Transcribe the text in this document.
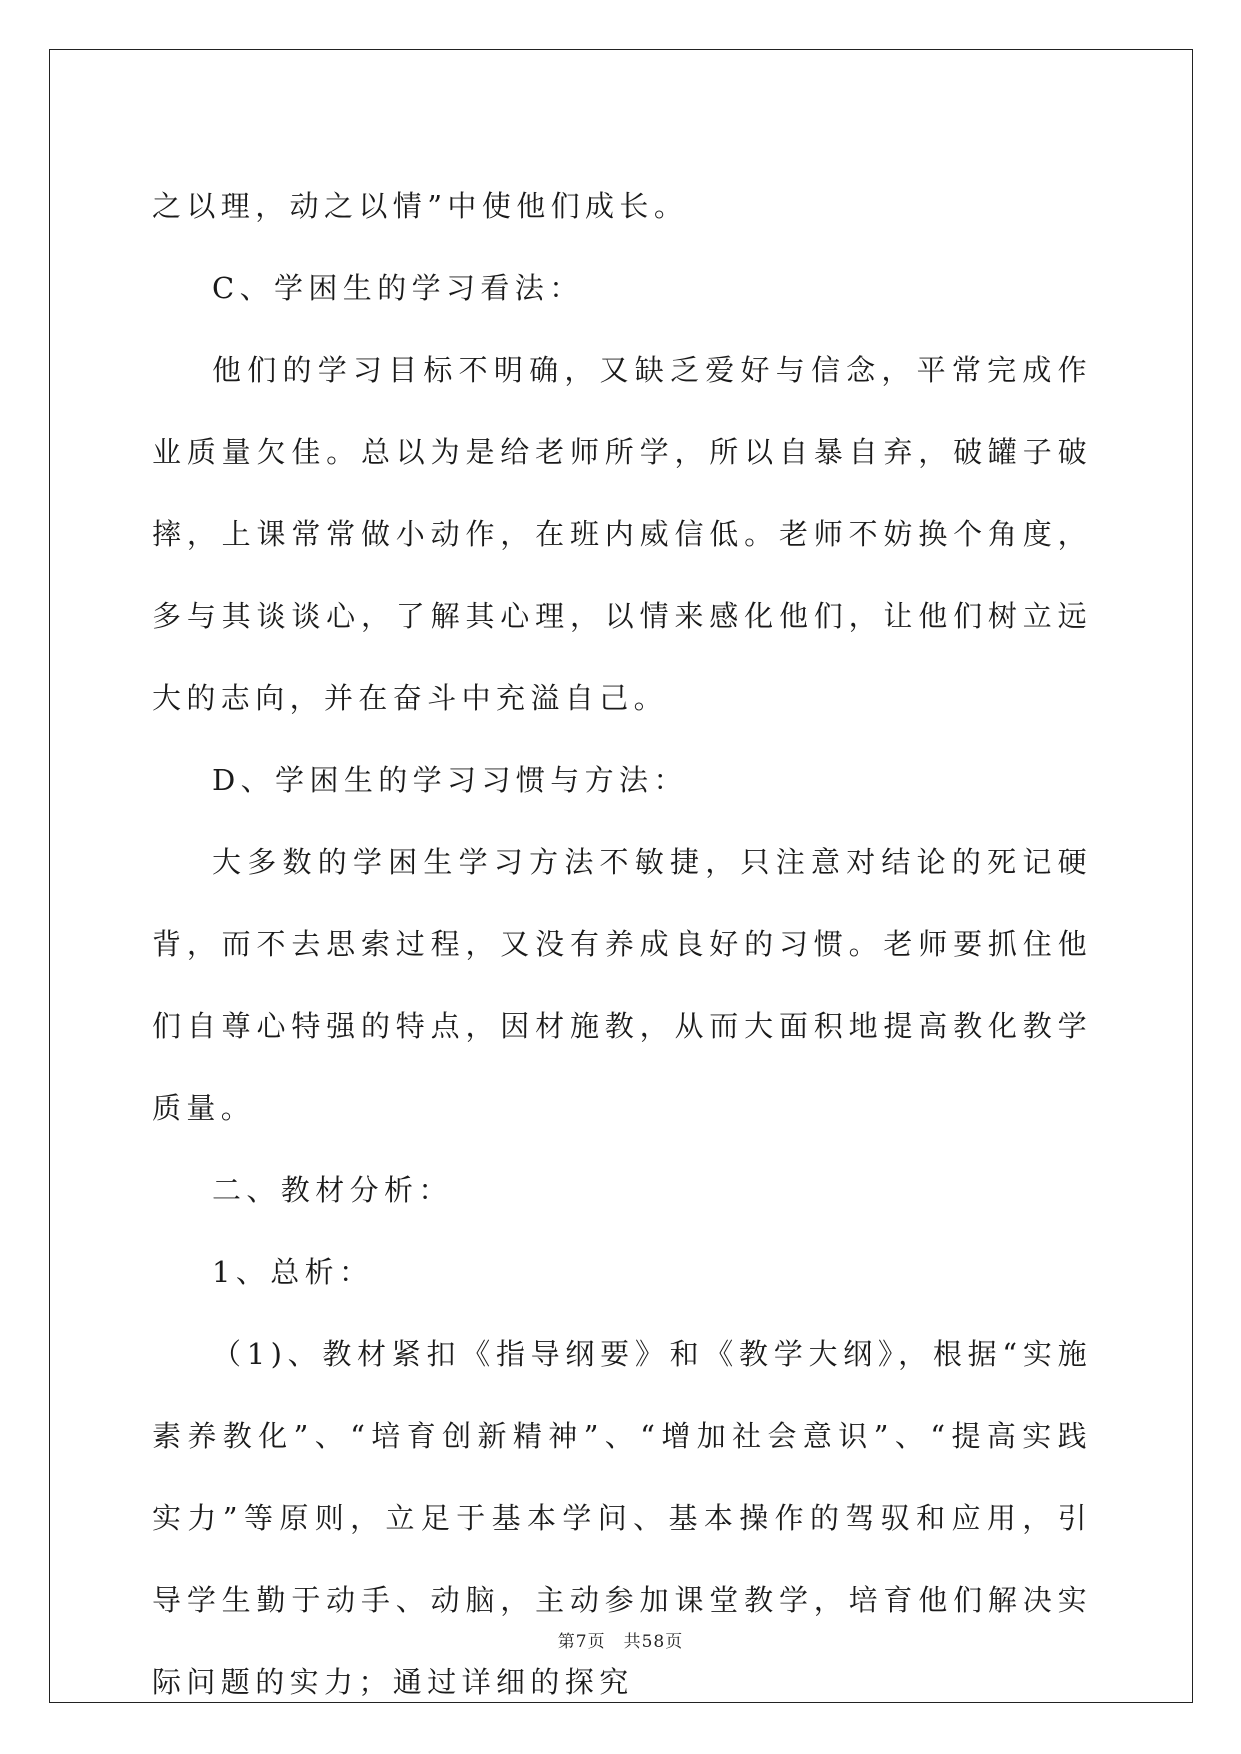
之以理，动之以情”中使他们成长。

C、学困生的学习看法：

他们的学习目标不明确，又缺乏爱好与信念，平常完成作业质量欠佳。总以为是给老师所学，所以自暴自弃，破罐子破摔，上课常常做小动作，在班内威信低。老师不妨换个角度，多与其谈谈心，了解其心理，以情来感化他们，让他们树立远大的志向，并在奋斗中充溢自己。

D、学困生的学习习惯与方法：

大多数的学困生学习方法不敏捷，只注意对结论的死记硬背，而不去思索过程，又没有养成良好的习惯。老师要抓住他们自尊心特强的特点，因材施教，从而大面积地提高教化教学质量。

二、教材分析：

1、总析：

（1)、教材紧扣《指导纲要》和《教学大纲》，根据“实施素养教化”、“培育创新精神”、“增加社会意识”、“提高实践实力”等原则，立足于基本学问、基本操作的驾驭和应用，引导学生勤于动手、动脑，主动参加课堂教学，培育他们解决实际问题的实力；通过详细的探究

第7页　共58页
